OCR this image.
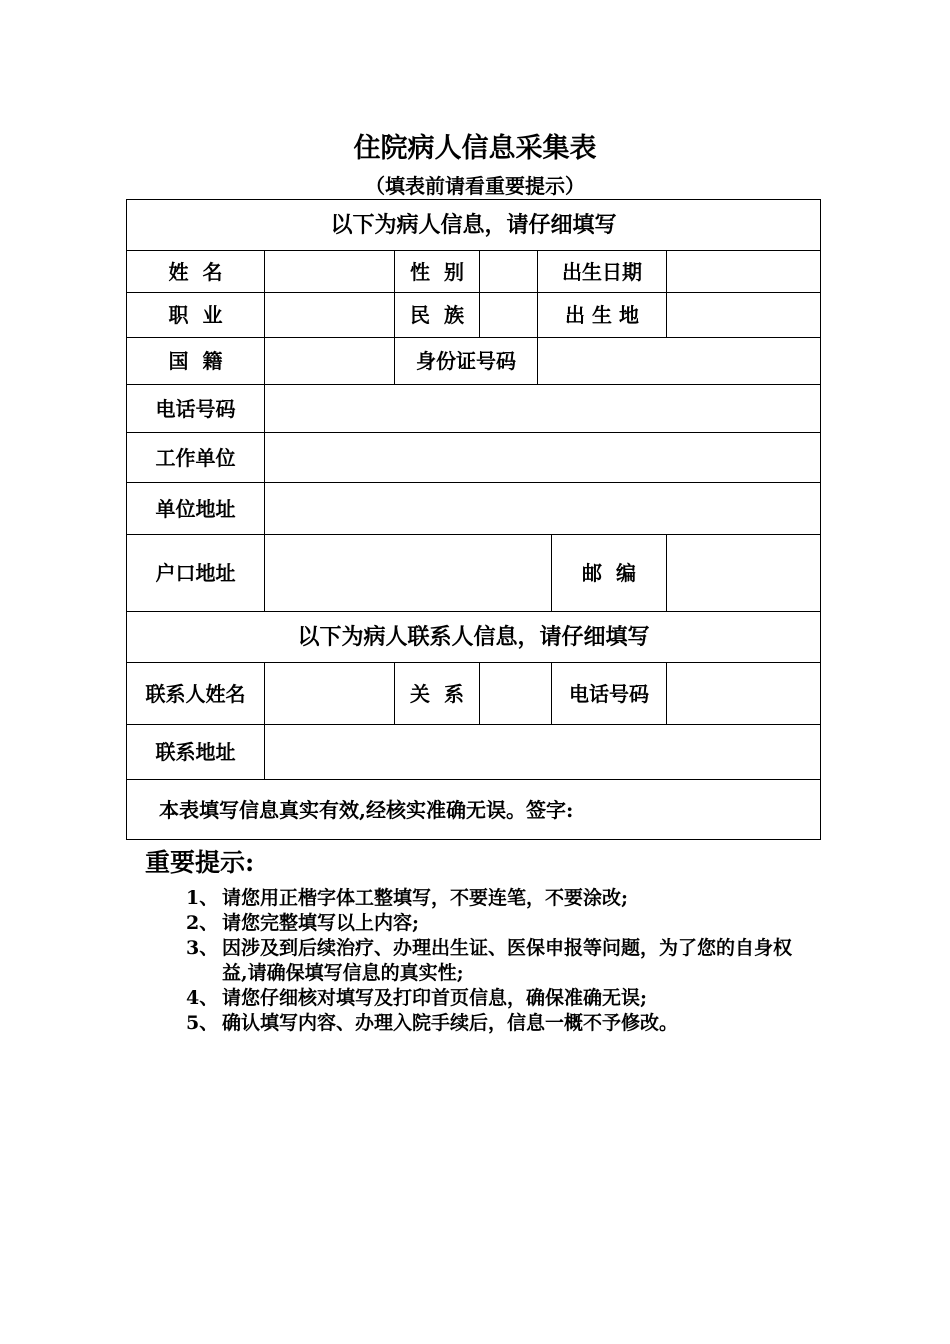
住院病人信息采集表
（填表前请看重要提示）
以下为病人信息，请仔细填写						
姓  名		性  别		出生日期		
职  业		民  族		出 生 地		
国  籍		身份证号码				
电话号码						
工作单位						
单位地址						
户口地址					邮  编	
以下为病人联系人信息，请仔细填写						
联系人姓名		关  系			电话号码	
联系地址						
本表填写信息真实有效,经核实准确无误。签字:						
重要提示:
1、 请您用正楷字体工整填写，不要连笔，不要涂改;
2、 请您完整填写以上内容;
3、 因涉及到后续治疗、办理出生证、医保申报等问题，为了您的自身权益,请确保填写信息的真实性;
4、 请您仔细核对填写及打印首页信息，确保准确无误;
5、 确认填写内容、办理入院手续后，信息一概不予修改。
